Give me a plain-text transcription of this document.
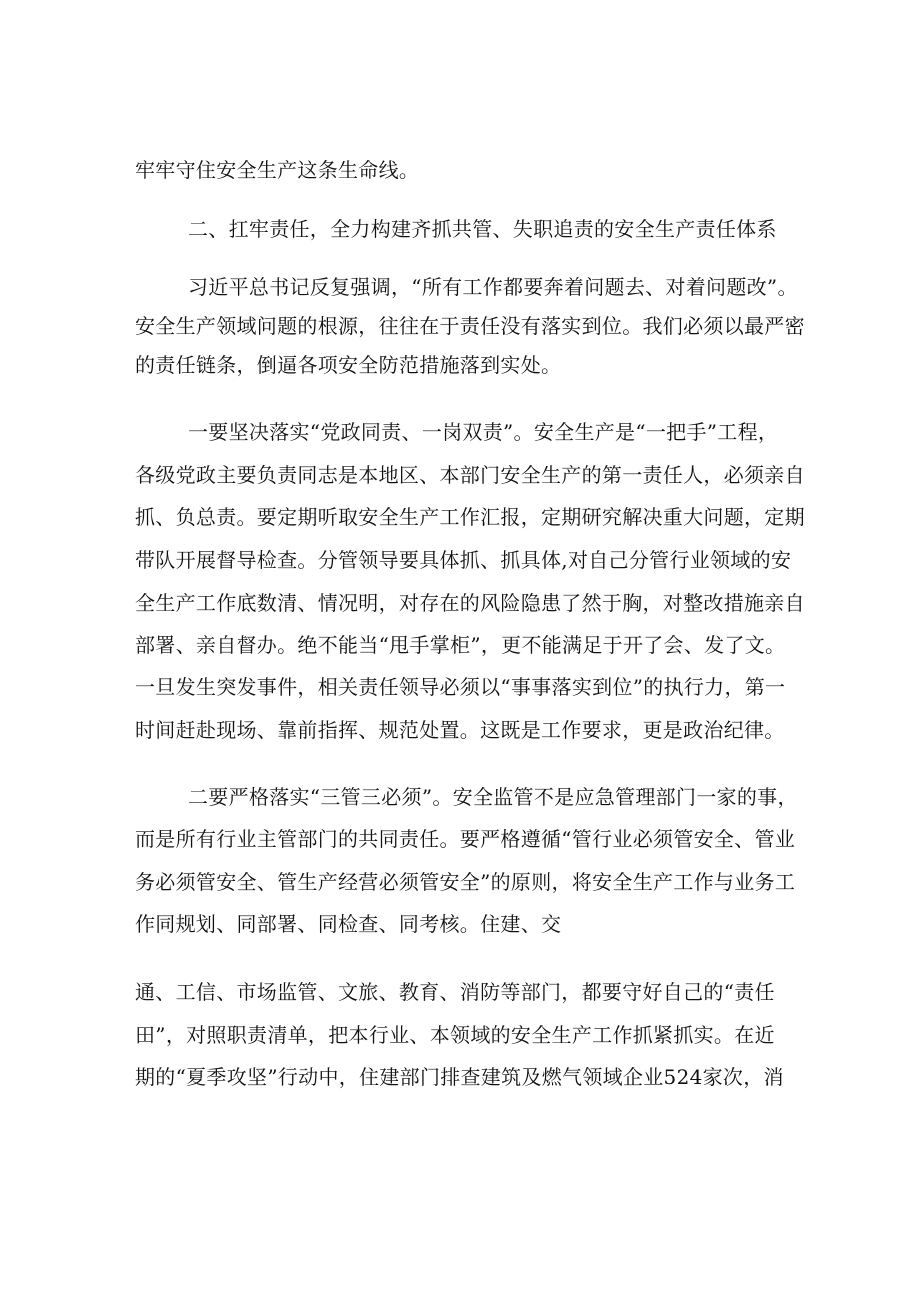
牢牢守住安全生产这条生命线。
二、扛牢责任，全力构建齐抓共管、失职追责的安全生产责任体系
习近平总书记反复强调，“所有工作都要奔着问题去、对着问题改”。
安全生产领域问题的根源，往往在于责任没有落实到位。我们必须以最严密
的责任链条，倒逼各项安全防范措施落到实处。
一要坚决落实“党政同责、一岗双责”。安全生产是“一把手”工程，
各级党政主要负责同志是本地区、本部门安全生产的第一责任人，必须亲自
抓、负总责。要定期听取安全生产工作汇报，定期研究解决重大问题，定期
带队开展督导检查。分管领导要具体抓、抓具体,对自己分管行业领域的安
全生产工作底数清、情况明，对存在的风险隐患了然于胸，对整改措施亲自
部署、亲自督办。绝不能当“甩手掌柜”，更不能满足于开了会、发了文。
一旦发生突发事件，相关责任领导必须以“事事落实到位”的执行力，第一
时间赶赴现场、靠前指挥、规范处置。这既是工作要求，更是政治纪律。
二要严格落实“三管三必须”。安全监管不是应急管理部门一家的事，
而是所有行业主管部门的共同责任。要严格遵循“管行业必须管安全、管业
务必须管安全、管生产经营必须管安全”的原则，将安全生产工作与业务工
作同规划、同部署、同检查、同考核。住建、交
通、工信、市场监管、文旅、教育、消防等部门，都要守好自己的“责任
田”，对照职责清单，把本行业、本领域的安全生产工作抓紧抓实。在近
期的“夏季攻坚”行动中，住建部门排查建筑及燃气领域企业524家次，消
